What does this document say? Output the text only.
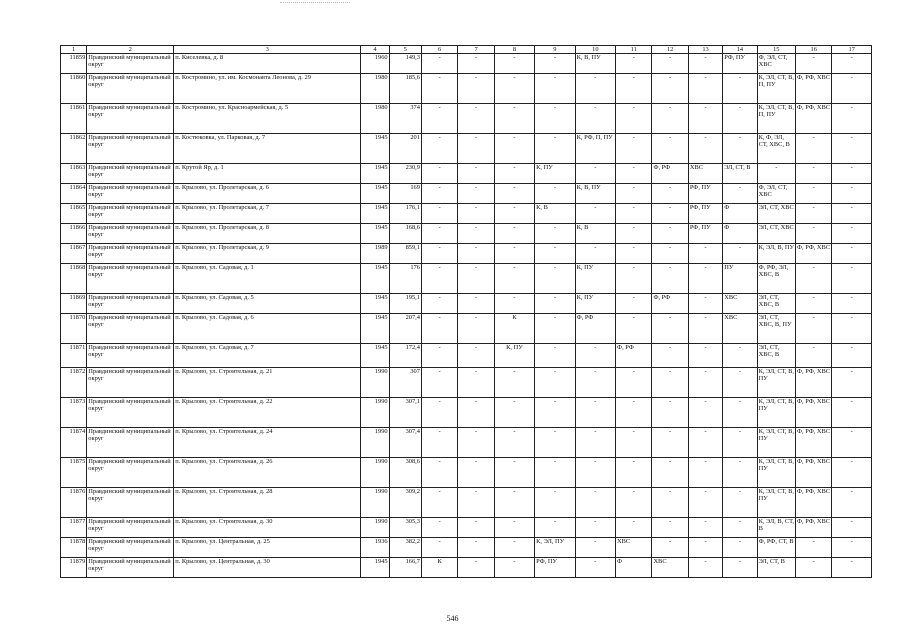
1	2	3	4	5	6	7	8	9	10	11	12	13	14	15	16	17
11859	Правдинский муниципальный округ	п. Киселевка, д. 8	1960	149,3	-	-	-	-	К, В, ПУ	-	-	-	РФ, ПУ	Ф, ЭЛ, СТ, ХВС	-	-
11860	Правдинский муниципальный округ	п. Костромино, ул. им. Космонавта Леонова, д. 29	1980	185,6	-	-	-	-	-	-	-	-	-	К, ЭЛ, СТ, В, П, ПУ	Ф, РФ, ХВС	-
11861	Правдинский муниципальный округ	п. Костромино, ул. Красноармейская, д. 5	1980	374	-	-	-	-	-	-	-	-	-	К, ЭЛ, СТ, В, П, ПУ	Ф, РФ, ХВС	-
11862	Правдинский муниципальный округ	п. Костюковка, ул. Парковая, д. 7	1945	201	-	-	-	-	К, РФ, П, ПУ	-	-	-	-	К, Ф, ЭЛ, СТ, ХВС, В	-	-
11863	Правдинский муниципальный округ	п. Крутой Яр, д. 1	1945	230,9	-	-	-	К, ПУ	-	-	Ф, РФ	ХВС	ЭЛ, СТ, В	-	-	-
11864	Правдинский муниципальный округ	п. Крылово, ул. Пролетарская, д. 6	1945	169	-	-	-	-	К, В, ПУ	-	-	РФ, ПУ	-	Ф, ЭЛ, СТ, ХВС	-	-
11865	Правдинский муниципальный округ	п. Крылово, ул. Пролетарская, д. 7	1945	176,1	-	-	-	К, В	-	-	-	РФ, ПУ	Ф	ЭЛ, СТ, ХВС	-	-
11866	Правдинский муниципальный округ	п. Крылово, ул. Пролетарская, д. 8	1945	168,6	-	-	-	-	К, В	-	-	РФ, ПУ	Ф	ЭЛ, СТ, ХВС	-	-
11867	Правдинский муниципальный округ	п. Крылово, ул. Пролетарская, д. 9	1989	859,1	-	-	-	-	-	-	-	-	-	К, ЭЛ, В, ПУ	Ф, РФ, ХВС	-
11868	Правдинский муниципальный округ	п. Крылово, ул. Садовая, д. 1	1945	176	-	-	-	-	К, ПУ	-	-	-	ПУ	Ф, РФ, ЭЛ, ХВС, В	-	-
11869	Правдинский муниципальный округ	п. Крылово, ул. Садовая, д. 5	1945	195,1	-	-	-	-	К, ПУ	-	Ф, РФ	-	ХВС	ЭЛ, СТ, ХВС, В	-	-
11870	Правдинский муниципальный округ	п. Крылово, ул. Садовая, д. 6	1945	207,4	-	-	К	-	Ф, РФ	-	-	-	ХВС	ЭЛ, СТ, ХВС, В, ПУ	-	-
11871	Правдинский муниципальный округ	п. Крылово, ул. Садовая, д. 7	1945	172,4	-	-	К, ПУ	-	-	Ф, РФ	-	-	-	ЭЛ, СТ, ХВС, В	-	-
11872	Правдинский муниципальный округ	п. Крылово, ул. Строительная, д. 21	1990	307	-	-	-	-	-	-	-	-	-	К, ЭЛ, СТ, В, ПУ	Ф, РФ, ХВС	-
11873	Правдинский муниципальный округ	п. Крылово, ул. Строительная, д. 22	1990	307,1	-	-	-	-	-	-	-	-	-	К, ЭЛ, СТ, В, ПУ	Ф, РФ, ХВС	-
11874	Правдинский муниципальный округ	п. Крылово, ул. Строительная, д. 24	1990	307,4	-	-	-	-	-	-	-	-	-	К, ЭЛ, СТ, В, ПУ	Ф, РФ, ХВС	-
11875	Правдинский муниципальный округ	п. Крылово, ул. Строительная, д. 26	1990	308,6	-	-	-	-	-	-	-	-	-	К, ЭЛ, СТ, В, ПУ	Ф, РФ, ХВС	-
11876	Правдинский муниципальный округ	п. Крылово, ул. Строительная, д. 28	1990	309,2	-	-	-	-	-	-	-	-	-	К, ЭЛ, СТ, В, ПУ	Ф, РФ, ХВС	-
11877	Правдинский муниципальный округ	п. Крылово, ул. Строительная, д. 30	1990	305,3	-	-	-	-	-	-	-	-	-	К, ЭЛ, В, СТ, В	Ф, РФ, ХВС	-
11878	Правдинский муниципальный округ	п. Крылово, ул. Центральная, д. 25	1936	382,2	-	-	-	К, ЭЛ, ПУ	-	ХВС	-	-	-	Ф, РФ, СТ, В	-	-
11879	Правдинский муниципальный округ	п. Крылово, ул. Центральная, д. 30	1945	166,7	К	-	-	РФ, ПУ	-	Ф	ХВС	-	-	ЭЛ, СТ, В	-	-
546
